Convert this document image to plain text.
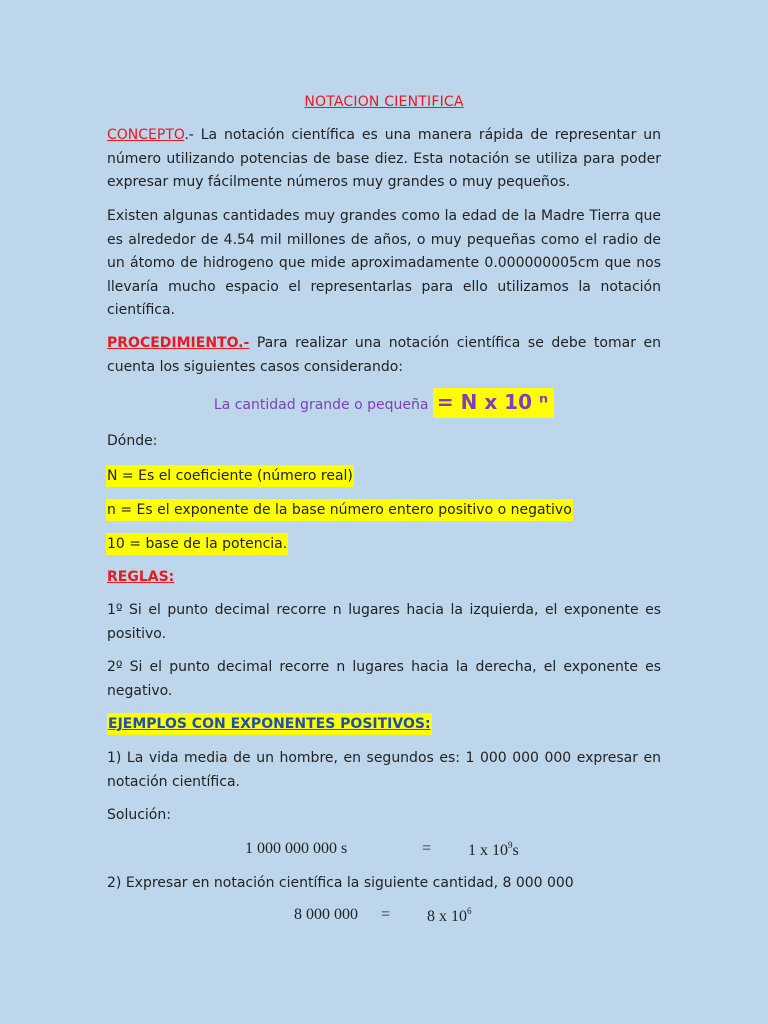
NOTACION CIENTIFICA

CONCEPTO.- La notación científica es una manera rápida de representar un número utilizando potencias de base diez. Esta notación se utiliza para poder expresar muy fácilmente números muy grandes o muy pequeños.

Existen algunas cantidades muy grandes como la edad de la Madre Tierra que es alrededor de 4.54 mil millones de años, o muy pequeñas como el radio de un átomo de hidrogeno que mide aproximadamente 0.000000005cm que nos llevaría mucho espacio el representarlas para ello utilizamos la notación científica.

PROCEDIMIENTO.- Para realizar una notación científica se debe tomar en cuenta los siguientes casos considerando:

La cantidad grande o pequeña = N x 10 ⁿ

Dónde:

N = Es el coeficiente (número real)
n = Es el exponente de la base número entero positivo o negativo
10 = base de la potencia.

REGLAS:

1º Si el punto decimal recorre n lugares hacia la izquierda, el exponente es positivo.

2º Si el punto decimal recorre n lugares hacia la derecha, el exponente es negativo.

EJEMPLOS CON EXPONENTES POSITIVOS:

1) La vida media de un hombre, en segundos es: 1 000 000 000 expresar en notación científica.

Solución:

1 000 000 000 s	= 1 x $10^9s$

2) Expresar en notación científica la siguiente cantidad, 8 000 000

8 000 000 = 8 x $10^6$
